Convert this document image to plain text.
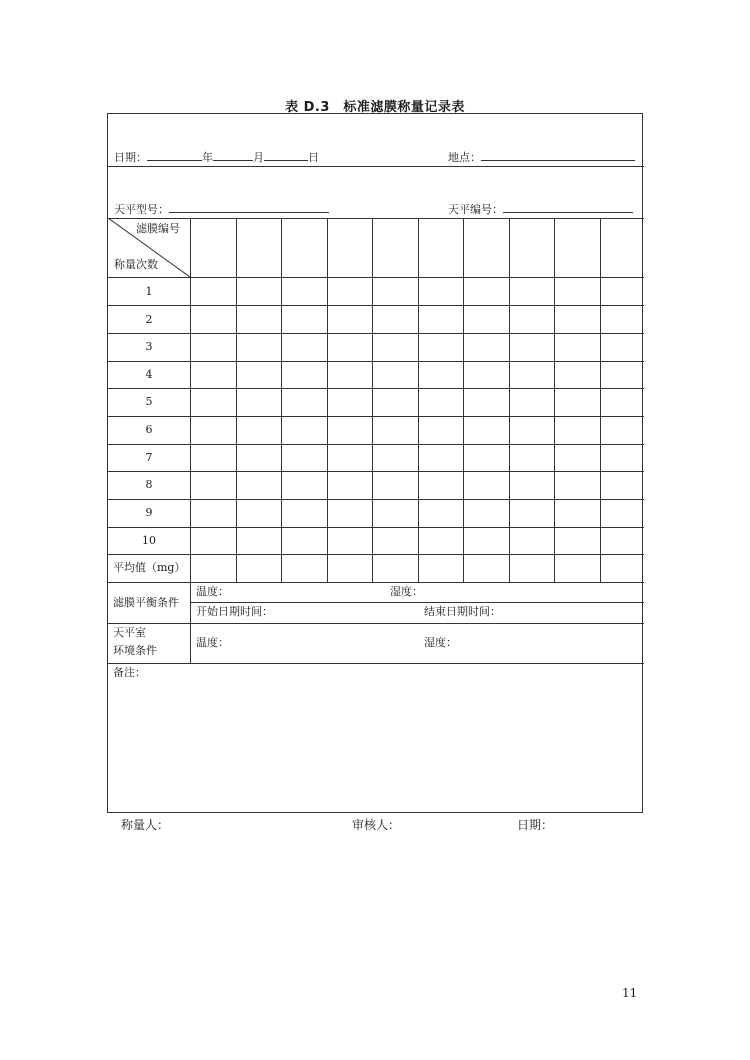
表 D.3　标准滤膜称量记录表
日期：	年	月	日	地点：
天平型号：	天平编号：
滤膜编号
称量次数
1
2
3
4
5
6
7
8
9
10
平均值（mg）
滤膜平衡条件
温度：	湿度：
开始日期时间：	结束日期时间：
天平室
环境条件
温度：	湿度：
备注：
称量人：	审核人：	日期：
11
